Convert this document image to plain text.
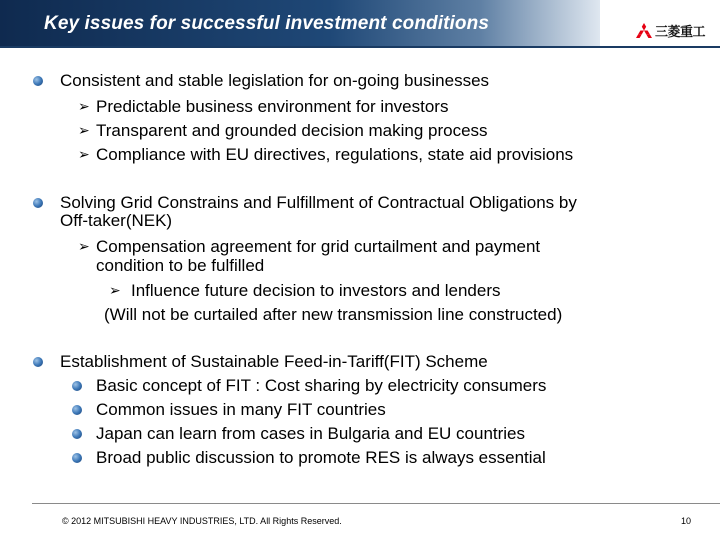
Key issues for successful investment conditions	三菱重工
Consistent and stable legislation for on-going businesses
➢ Predictable business environment for investors
➢ Transparent and grounded decision making process
➢ Compliance with EU directives, regulations, state aid provisions
Solving Grid Constrains and Fulfillment of Contractual Obligations by
Off-taker(NEK)
➢ Compensation agreement for grid curtailment and payment
condition to be fulfilled
➢ Influence future decision to investors and lenders
(Will not be curtailed after new transmission line constructed)
Establishment of Sustainable Feed-in-Tariff(FIT) Scheme
Basic concept of FIT : Cost sharing by electricity consumers
Common issues in many FIT countries
Japan can learn from cases in Bulgaria and EU countries
Broad public discussion to promote RES is always essential
© 2012 MITSUBISHI HEAVY INDUSTRIES, LTD. All Rights Reserved.	10
